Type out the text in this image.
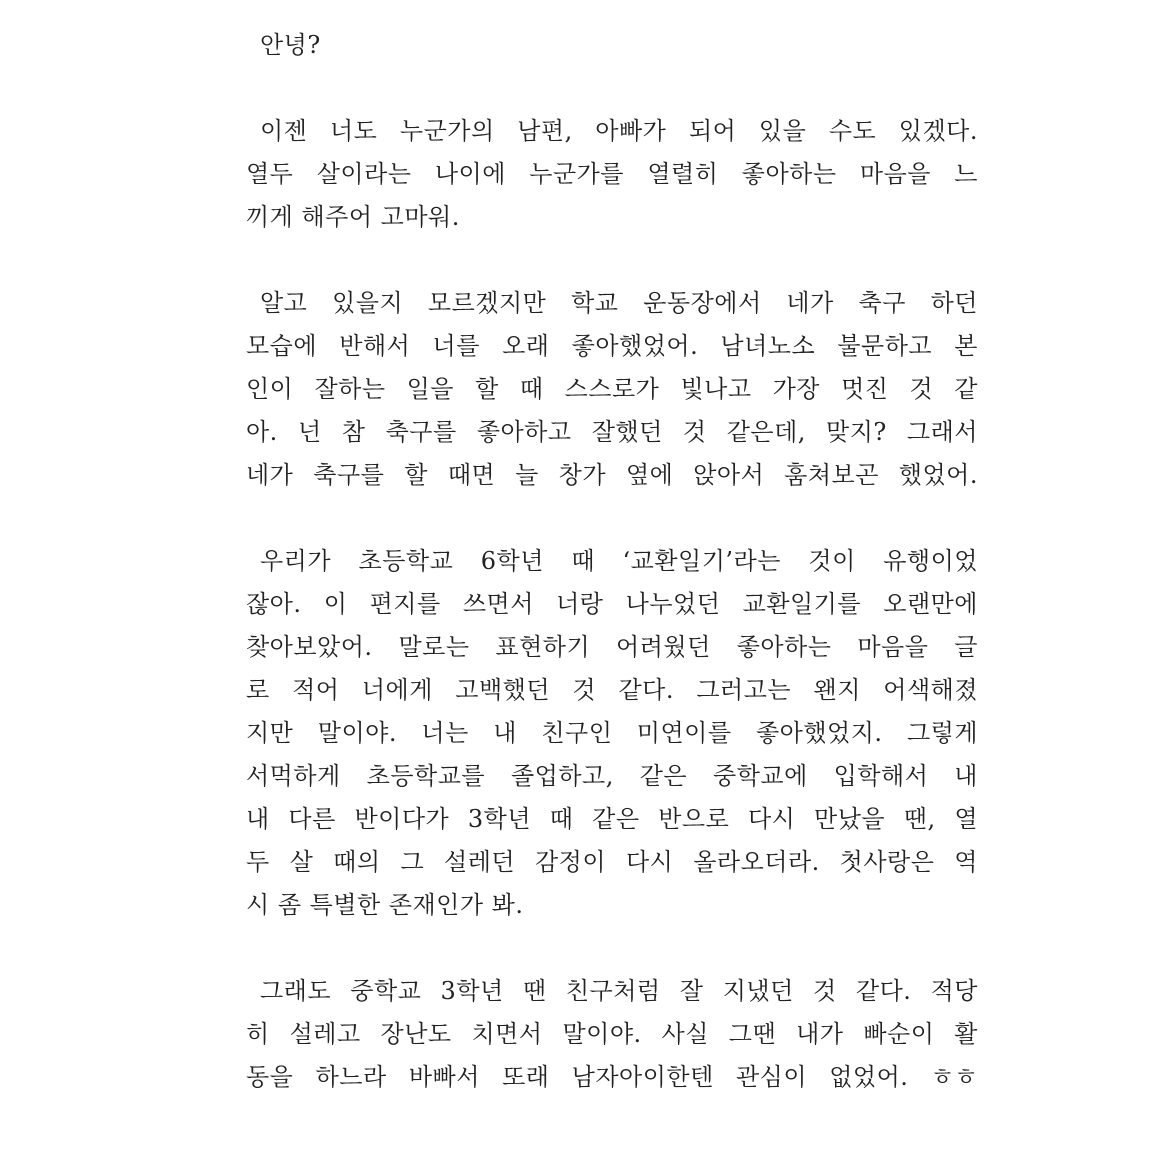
안녕?
이젠 너도 누군가의 남편, 아빠가 되어 있을 수도 있겠다.
열두 살이라는 나이에 누군가를 열렬히 좋아하는 마음을 느
끼게 해주어 고마워.
알고 있을지 모르겠지만 학교 운동장에서 네가 축구 하던
모습에 반해서 너를 오래 좋아했었어. 남녀노소 불문하고 본
인이 잘하는 일을 할 때 스스로가 빛나고 가장 멋진 것 같
아. 넌 참 축구를 좋아하고 잘했던 것 같은데, 맞지? 그래서
네가 축구를 할 때면 늘 창가 옆에 앉아서 훔쳐보곤 했었어.
우리가 초등학교 6학년 때 ‘교환일기’라는 것이 유행이었
잖아. 이 편지를 쓰면서 너랑 나누었던 교환일기를 오랜만에
찾아보았어. 말로는 표현하기 어려웠던 좋아하는 마음을 글
로 적어 너에게 고백했던 것 같다. 그러고는 왠지 어색해졌
지만 말이야. 너는 내 친구인 미연이를 좋아했었지. 그렇게
서먹하게 초등학교를 졸업하고, 같은 중학교에 입학해서 내
내 다른 반이다가 3학년 때 같은 반으로 다시 만났을 땐, 열
두 살 때의 그 설레던 감정이 다시 올라오더라. 첫사랑은 역
시 좀 특별한 존재인가 봐.
그래도 중학교 3학년 땐 친구처럼 잘 지냈던 것 같다. 적당
히 설레고 장난도 치면서 말이야. 사실 그땐 내가 빠순이 활
동을 하느라 바빠서 또래 남자아이한텐 관심이 없었어. ㅎㅎ
